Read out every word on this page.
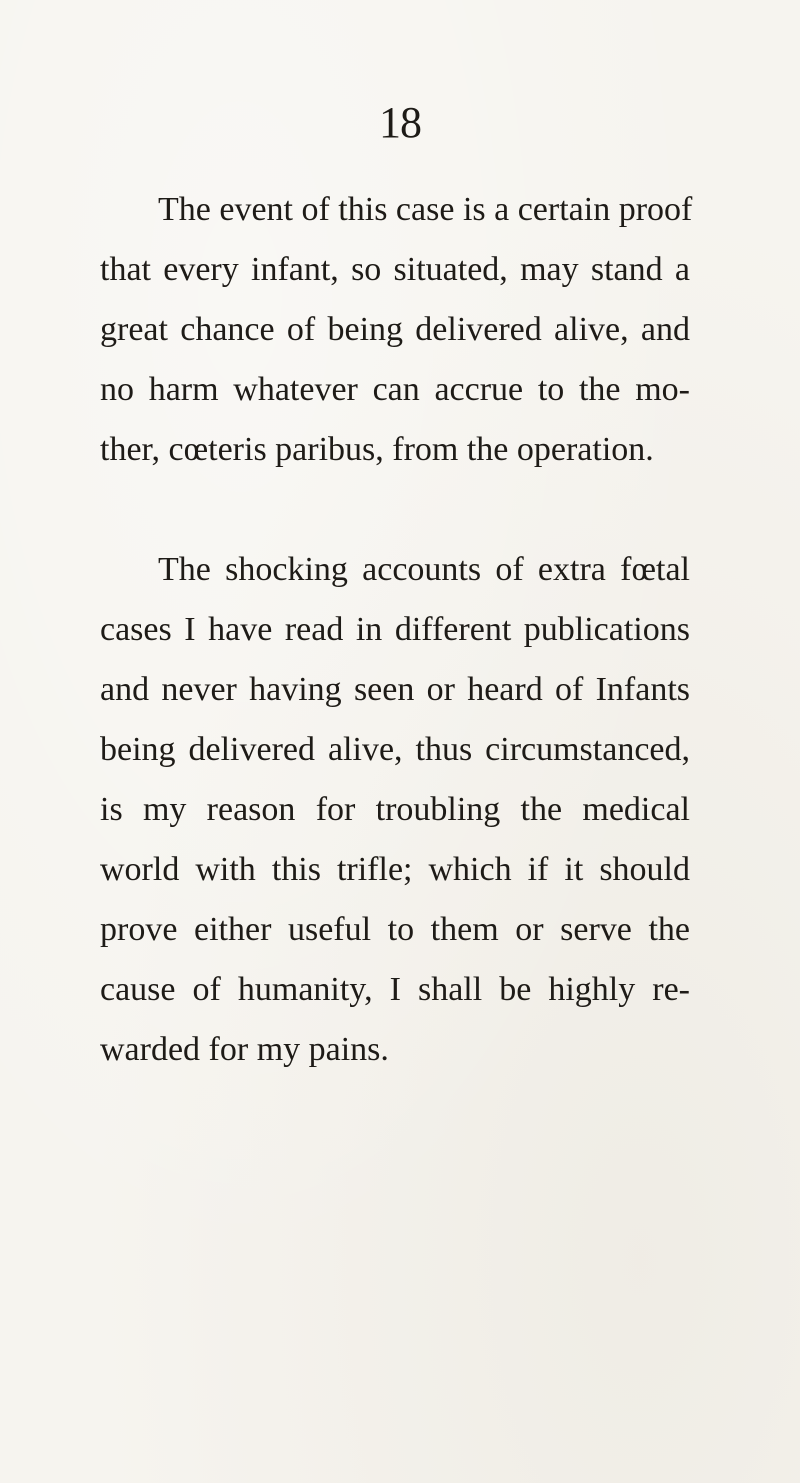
18
The event of this case is a certain proof
that every infant, so situated, may stand a
great chance of being delivered alive, and
no harm whatever can accrue to the mo-
ther, cœteris paribus, from the operation.
The shocking accounts of extra fœtal
cases I have read in different publications
and never having seen or heard of Infants
being delivered alive, thus circumstanced,
is my reason for troubling the medical
world with this trifle; which if it should
prove either useful to them or serve the
cause of humanity, I shall be highly re-
warded for my pains.
